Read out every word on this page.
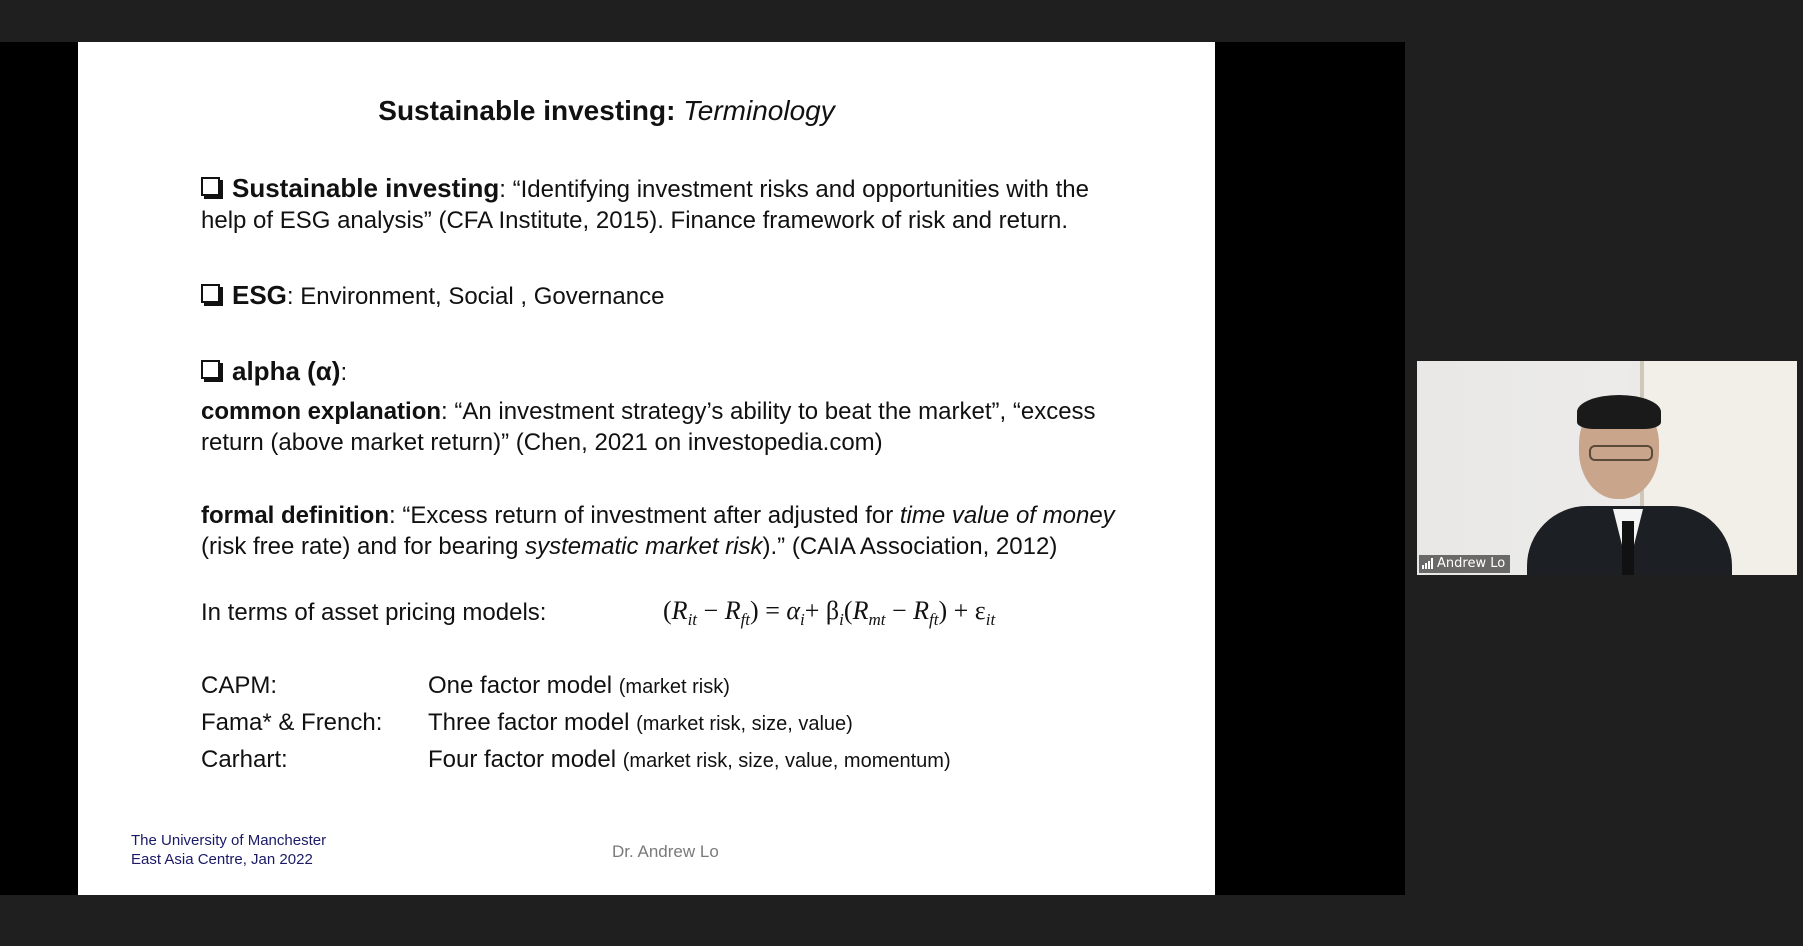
Sustainable investing: Terminology
Sustainable investing: “Identifying investment risks and opportunities with the
help of ESG analysis” (CFA Institute, 2015). Finance framework of risk and return.
ESG: Environment, Social , Governance
alpha (α):
common explanation: “An investment strategy’s ability to beat the market”, “excess
return (above market return)” (Chen, 2021 on investopedia.com)
formal definition: “Excess return of investment after adjusted for time value of money
(risk free rate) and for bearing systematic market risk).” (CAIA Association, 2012)
In terms of asset pricing models:	$(R_{it} - R_{ft}) = \alpha_i+ \beta_i(R_{mt} - R_{ft}) + \varepsilon_{it}$
CAPM:	One factor model (market risk)
Fama* & French: Three factor model (market risk, size, value)
Carhart:	Four factor model (market risk, size, value, momentum)
The University of Manchester
East Asia Centre, Jan 2022	Dr. Andrew Lo
Andrew Lo
